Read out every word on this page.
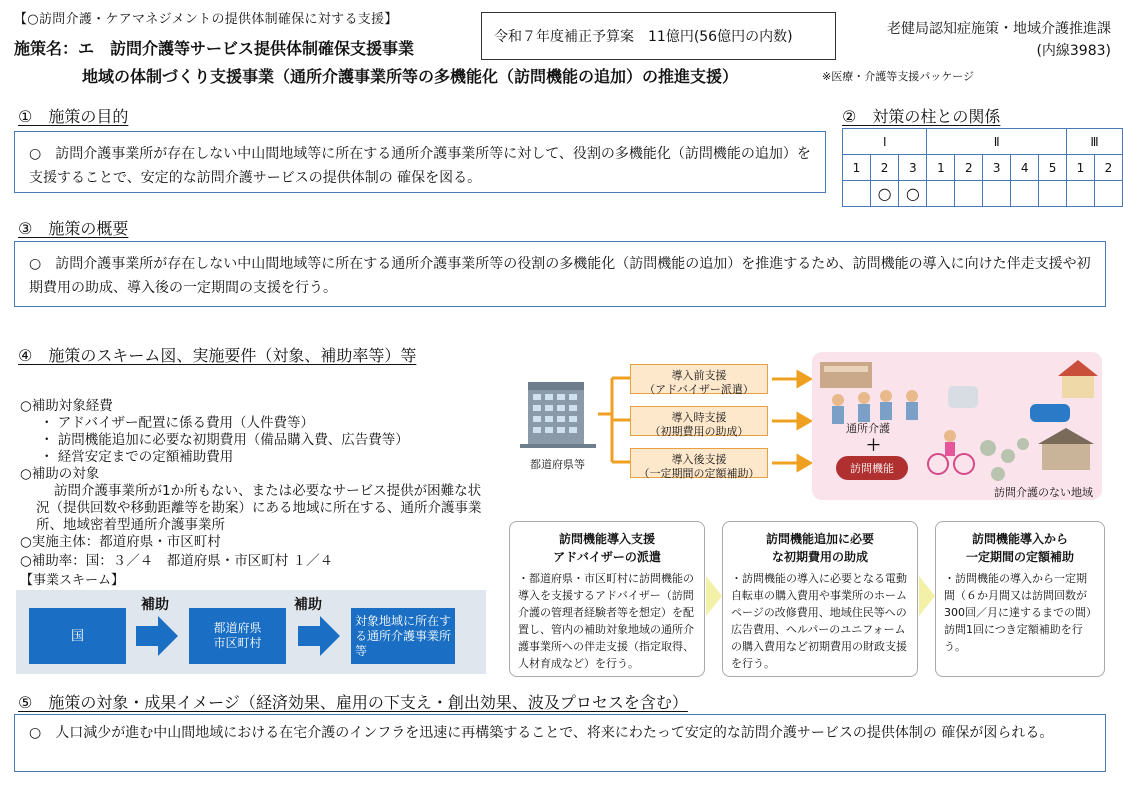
【○訪問介護・ケアマネジメントの提供体制確保に対する支援】
令和７年度補正予算案　11億円(56億円の内数)	老健局認知症施策・地域介護推進課
(内線3983)
施策名：エ　訪問介護等サービス提供体制確保支援事業
地域の体制づくり支援事業（通所介護事業所等の多機能化（訪問機能の追加）の推進支援）	※医療・介護等支援パッケージ
①　施策の目的
○　訪問介護事業所が存在しない中山間地域等に所在する通所介護事業所等に対して、役割の多機能化（訪問機能の追加）を支援することで、安定的な訪問介護サービスの提供体制の 確保を図る。
②　対策の柱との関係
Ⅰ			Ⅱ					Ⅲ	
1	2	3	1	2	3	4	5	1	2
	○	○							
③　施策の概要
○　訪問介護事業所が存在しない中山間地域等に所在する通所介護事業所等の役割の多機能化（訪問機能の追加）を推進するため、訪問機能の導入に向けた伴走支援や初期費用の助成、導入後の一定期間の支援を行う。
④　施策のスキーム図、実施要件（対象、補助率等）等
○補助対象経費
・ アドバイザー配置に係る費用（人件費等）
・ 訪問機能追加に必要な初期費用（備品購入費、広告費等）
・ 経営安定までの定額補助費用
○補助の対象
訪問介護事業所が1か所もない、または必要なサービス提供が困難な状況（提供回数や移動距離等を勘案）にある地域に所在する、通所介護事業所、地域密着型通所介護事業所
○実施主体：都道府県・市区町村
○補助率：国：３／４　都道府県・市区町村 １／４
【事業スキーム】
国
都道府県
市区町村
対象地域に所在する通所介護事業所等
補助	補助
都道府県等
導入前支援
（アドバイザー派遣）
導入時支援
（初期費用の助成）
導入後支援
（一定期間の定額補助）
通所介護
＋
訪問機能
訪問介護のない地域
訪問機能導入支援
アドバイザーの派遣
・都道府県・市区町村に訪問機能の導入を支援するアドバイザー（訪問介護の管理者経験者等を想定）を配置し、管内の補助対象地域の通所介護事業所への伴走支援（指定取得、人材育成など）を行う。
訪問機能追加に必要
な初期費用の助成
・訪問機能の導入に必要となる電動自転車の購入費用や事業所のホームページの改修費用、地域住民等への広告費用、ヘルパーのユニフォームの購入費用など初期費用の財政支援を行う。
訪問機能導入から
一定期間の定額補助
・訪問機能の導入から一定期間（６か月間又は訪問回数が300回／月に達するまでの間）訪問1回につき定額補助を行う。
⑤　施策の対象・成果イメージ（経済効果、雇用の下支え・創出効果、波及プロセスを含む）
○　人口減少が進む中山間地域における在宅介護のインフラを迅速に再構築することで、将来にわたって安定的な訪問介護サービスの提供体制の 確保が図られる。
